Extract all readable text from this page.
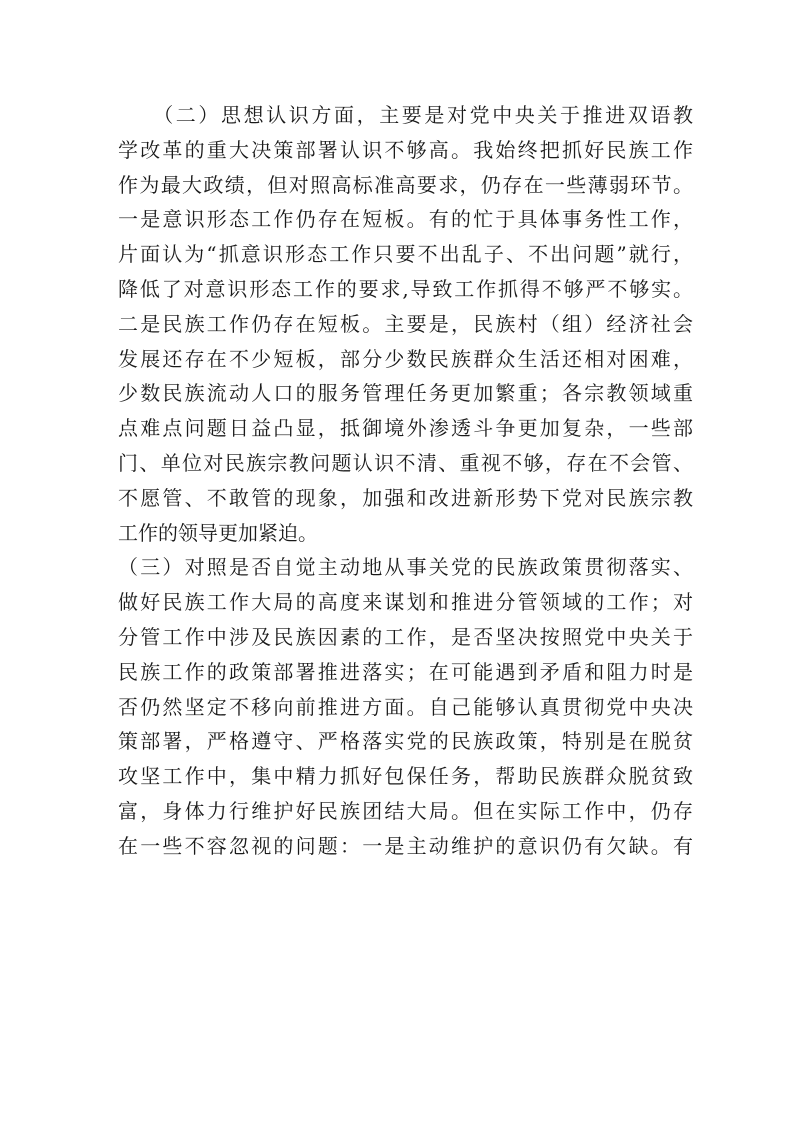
　　（二）思想认识方面，主要是对党中央关于推进双语教
学改革的重大决策部署认识不够高。我始终把抓好民族工作
作为最大政绩，但对照高标准高要求，仍存在一些薄弱环节。
一是意识形态工作仍存在短板。有的忙于具体事务性工作，
片面认为“抓意识形态工作只要不出乱子、不出问题”就行，
降低了对意识形态工作的要求,导致工作抓得不够严不够实。
二是民族工作仍存在短板。主要是，民族村（组）经济社会
发展还存在不少短板，部分少数民族群众生活还相对困难，
少数民族流动人口的服务管理任务更加繁重；各宗教领域重
点难点问题日益凸显，抵御境外渗透斗争更加复杂，一些部
门、单位对民族宗教问题认识不清、重视不够，存在不会管、
不愿管、不敢管的现象，加强和改进新形势下党对民族宗教
工作的领导更加紧迫。
（三）对照是否自觉主动地从事关党的民族政策贯彻落实、
做好民族工作大局的高度来谋划和推进分管领域的工作；对
分管工作中涉及民族因素的工作，是否坚决按照党中央关于
民族工作的政策部署推进落实；在可能遇到矛盾和阻力时是
否仍然坚定不移向前推进方面。自己能够认真贯彻党中央决
策部署，严格遵守、严格落实党的民族政策，特别是在脱贫
攻坚工作中，集中精力抓好包保任务，帮助民族群众脱贫致
富，身体力行维护好民族团结大局。但在实际工作中，仍存
在一些不容忽视的问题：一是主动维护的意识仍有欠缺。有
